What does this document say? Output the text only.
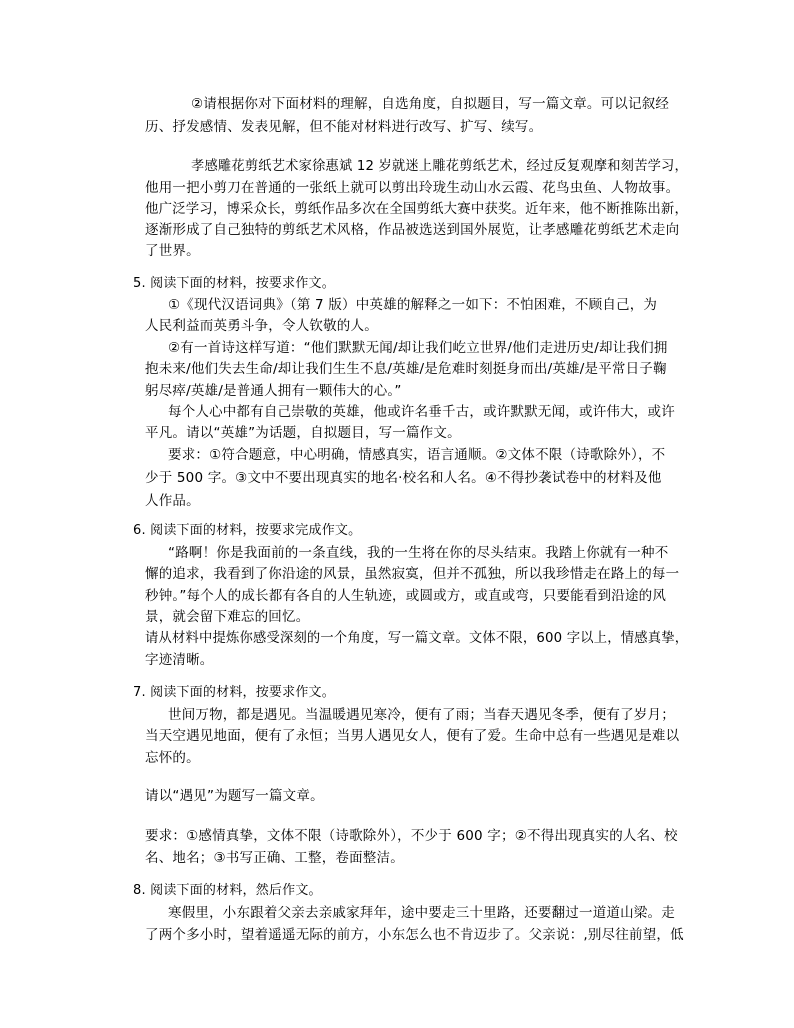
②请根据你对下面材料的理解，自选角度，自拟题目，写一篇文章。可以记叙经
历、抒发感情、发表见解，但不能对材料进行改写、扩写、续写。
孝感雕花剪纸艺术家徐惠斌 12 岁就迷上雕花剪纸艺术，经过反复观摩和刻苦学习，
他用一把小剪刀在普通的一张纸上就可以剪出玲珑生动山水云霞、花鸟虫鱼、人物故事。
他广泛学习，博采众长，剪纸作品多次在全国剪纸大赛中获奖。近年来，他不断推陈出新，
逐渐形成了自己独特的剪纸艺术风格，作品被选送到国外展览，让孝感雕花剪纸艺术走向
了世界。
5. 阅读下面的材料，按要求作文。
①《现代汉语词典》（第 7 版）中英雄的解释之一如下：不怕困难，不顾自己，为
人民利益而英勇斗争，令人钦敬的人。
②有一首诗这样写道：“他们默默无闻/却让我们屹立世界/他们走进历史/却让我们拥
抱未来/他们失去生命/却让我们生生不息/英雄/是危难时刻挺身而出/英雄/是平常日子鞠
躬尽瘁/英雄/是普通人拥有一颗伟大的心。”
每个人心中都有自己崇敬的英雄，他或许名垂千古，或许默默无闻，或许伟大，或许
平凡。请以“英雄”为话题，自拟题目，写一篇作文。
要求：①符合题意，中心明确，情感真实，语言通顺。②文体不限（诗歌除外），不
少于 500 字。③文中不要出现真实的地名·校名和人名。④不得抄袭试卷中的材料及他
人作品。
6. 阅读下面的材料，按要求完成作文。
“路啊！你是我面前的一条直线，我的一生将在你的尽头结束。我踏上你就有一种不
懈的追求，我看到了你沿途的风景，虽然寂寞，但并不孤独，所以我珍惜走在路上的每一
秒钟。”每个人的成长都有各自的人生轨迹，或圆或方，或直或弯，只要能看到沿途的风
景，就会留下难忘的回忆。
请从材料中提炼你感受深刻的一个角度，写一篇文章。文体不限，600 字以上，情感真挚，
字迹清晰。
7. 阅读下面的材料，按要求作文。
世间万物，都是遇见。当温暖遇见寒冷，便有了雨；当春天遇见冬季，便有了岁月；
当天空遇见地面，便有了永恒；当男人遇见女人，便有了爱。生命中总有一些遇见是难以
忘怀的。
请以“遇见”为题写一篇文章。
要求：①感情真挚，文体不限（诗歌除外），不少于 600 字；②不得出现真实的人名、校
名、地名；③书写正确、工整，卷面整洁。
8. 阅读下面的材料，然后作文。
寒假里，小东跟着父亲去亲戚家拜年，途中要走三十里路，还要翻过一道道山梁。走
了两个多小时，望着遥遥无际的前方，小东怎么也不肯迈步了。父亲说：,别尽往前望，低
